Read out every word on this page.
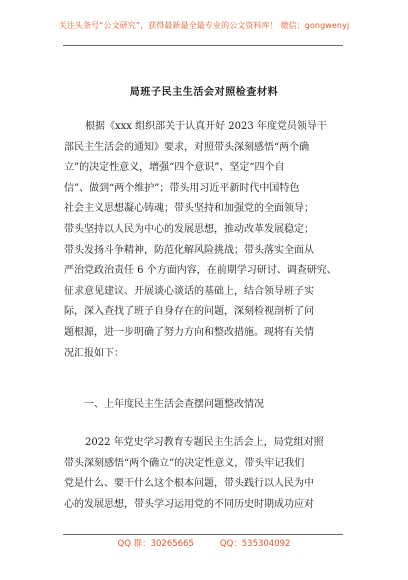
关注头条号“公文研究”，获得最新最全最专业的公文资料库！ 微信：gongwenyj
局班子民主生活会对照检查材料
根据《xxx 组织部关于认真开好 2023 年度党员领导干
部民主生活会的通知》要求，对照带头深刻感悟“两个确
立”的决定性意义，增强“四个意识”、坚定“四个自
信”、做到“两个维护”；带头用习近平新时代中国特色
社会主义思想凝心铸魂；带头坚持和加强党的全面领导；
带头坚持以人民为中心的发展思想，推动改革发展稳定；
带头发扬斗争精神，防范化解风险挑战；带头落实全面从
严治党政治责任 6 个方面内容，在前期学习研讨、调查研究、
征求意见建议、开展谈心谈话的基础上，结合领导班子实
际，深入查找了班子自身存在的问题，深刻检视剖析了问
题根源，进一步明确了努力方向和整改措施。现将有关情
况汇报如下：
一、上年度民主生活会查摆问题整改情况
2022 年党史学习教育专题民主生活会上，局党组对照
带头深刻感悟“两个确立”的决定性意义，带头牢记我们
党是什么、要干什么这个根本问题，带头践行以人民为中
心的发展思想，带头学习运用党的不同历史时期成功应对
QQ 群：30265665	QQ：535304092
